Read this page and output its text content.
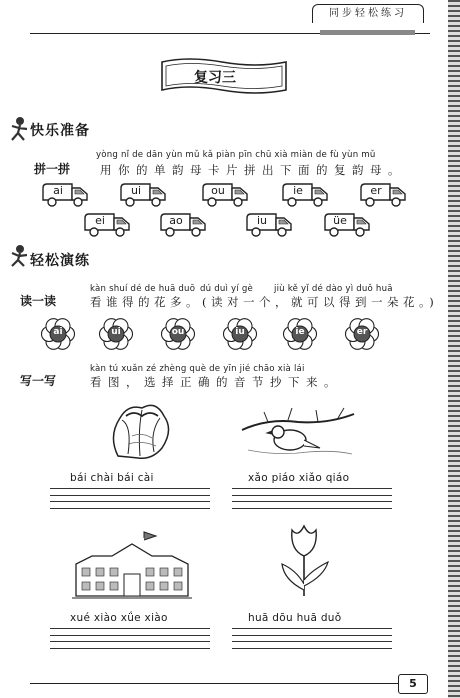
同步轻松练习
复习三
快乐准备
yòng nǐ de dān yùn mǔ kǎ piàn pīn chū xià miàn de fù yùn mǔ
拼一拼	用你的单韵母卡片拼出下面的复韵母。
轻松演练
kàn shuí dé de huā duō dú duì yí gè jiù kě yǐ dé dào yì duǒ huā
读一读	看谁得的花多。(读对一个，就可以得到一朵花。)
kàn tú xuǎn zé zhèng què de yīn jié chāo xià lái
写一写	看图，选择正确的音节抄下来。
bái chài bái cài	xǎo piáo xiǎo qiáo
xué xiào xǘe xiào	huā dōu huā duǒ
5
ai	ui	ou	ie	er
ei	ao	iu	üe
ai	ui	ou	iu	ie	er
